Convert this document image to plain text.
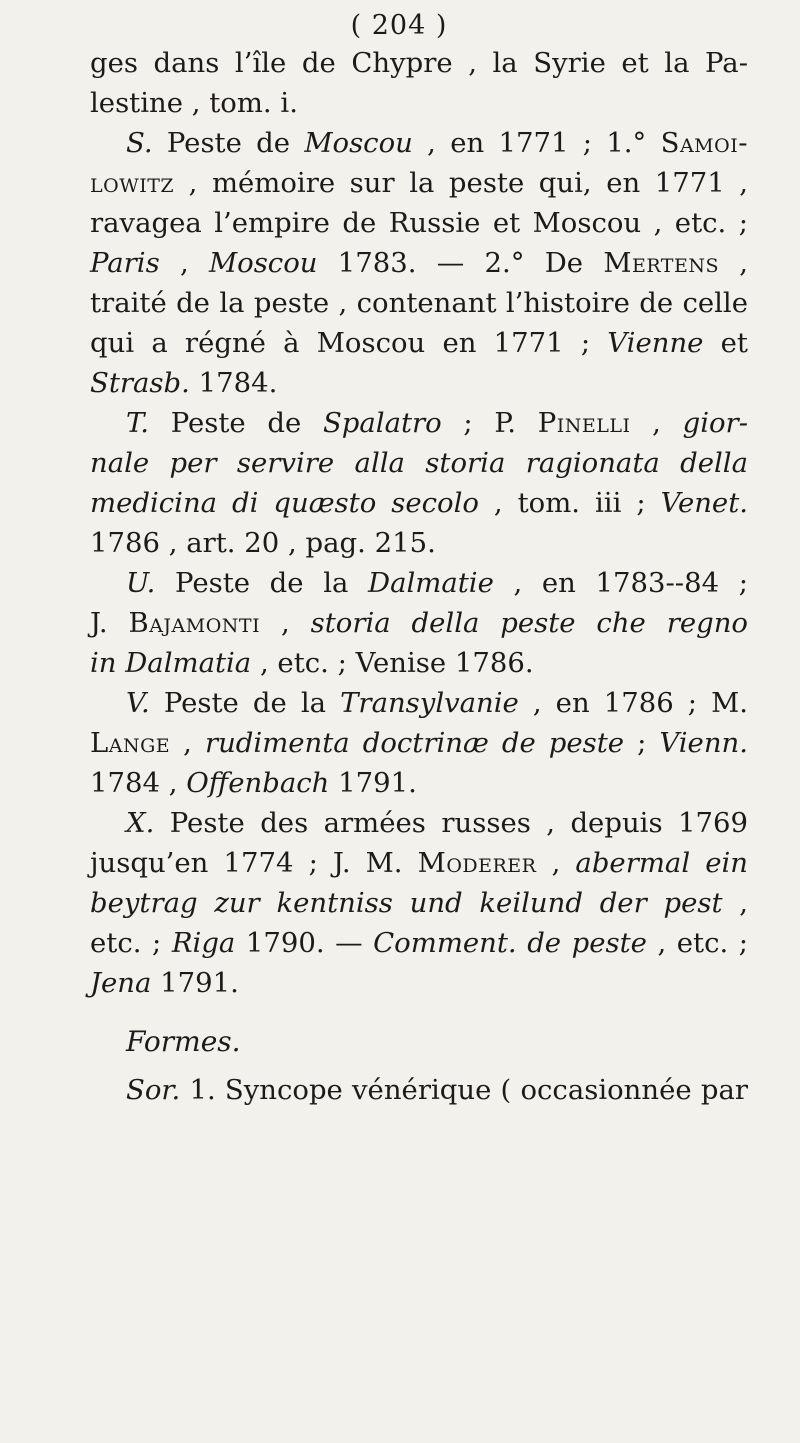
( 204 )
ges dans l’île de Chypre , la Syrie et la Pa-
lestine , tom. i.
S. Peste de Moscou , en 1771 ; 1.° Samoi-
lowitz , mémoire sur la peste qui, en 1771 ,
ravagea l’empire de Russie et Moscou , etc. ;
Paris , Moscou 1783. — 2.° De Mertens ,
traité de la peste , contenant l’histoire de celle
qui a régné à Moscou en 1771 ; Vienne et
Strasb. 1784.
T. Peste de Spalatro ; P. Pinelli , gior-
nale per servire alla storia ragionata della
medicina di quæsto secolo , tom. iii ; Venet.
1786 , art. 20 , pag. 215.
U. Peste de la Dalmatie , en 1783--84 ;
J. Bajamonti , storia della peste che regno
in Dalmatia , etc. ; Venise 1786.
V. Peste de la Transylvanie , en 1786 ; M.
Lange , rudimenta doctrinæ de peste ; Vienn.
1784 , Offenbach 1791.
X. Peste des armées russes , depuis 1769
jusqu’en 1774 ; J. M. Moderer , abermal ein
beytrag zur kentniss und keilund der pest ,
etc. ; Riga 1790. — Comment. de peste , etc. ;
Jena 1791.
Formes.
Sor. 1. Syncope vénérique ( occasionnée par
